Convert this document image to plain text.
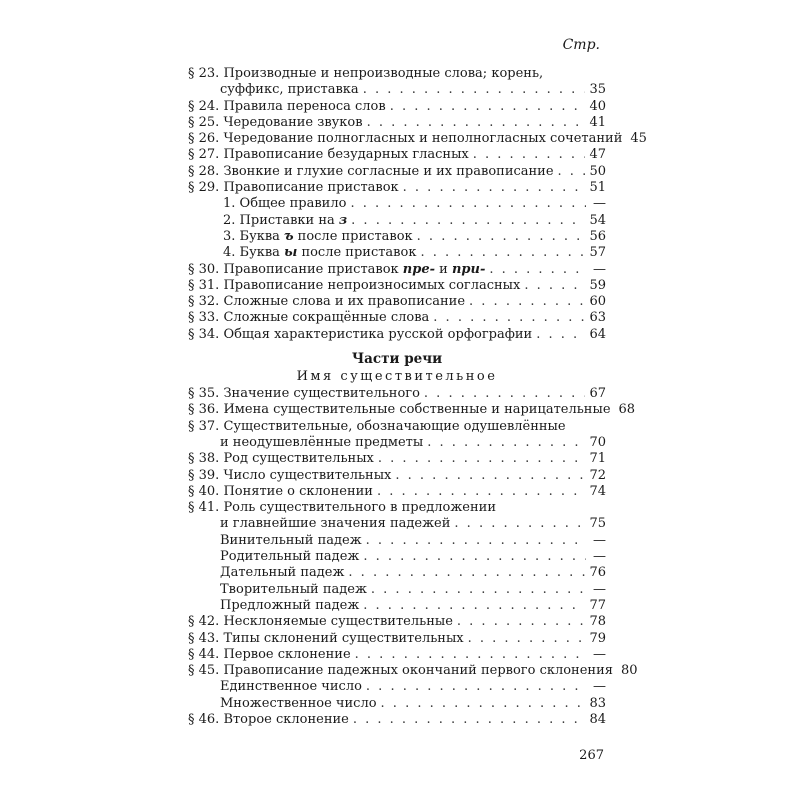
Стр.
§ 23. Производные и непроизводные слова; корень,
суффикс, приставка . . .	35
§ 24. Правила переноса слов . . .	40
§ 25. Чередование звуков . . .	41
§ 26. Чередование полногласных и неполногласных сочетаний 45
§ 27. Правописание безударных гласных . . .	47
§ 28. Звонкие и глухие согласные и их правописание . . .	50
§ 29. Правописание приставок . . .	51
1. Общее правило . . .	—
2. Приставки на з . . .	54
3. Буква ъ после приставок . . .	56
4. Буква ы после приставок . . .	57
§ 30. Правописание приставок пре- и при- . . .	—
§ 31. Правописание непроизносимых согласных . . .	59
§ 32. Сложные слова и их правописание . . .	60
§ 33. Сложные сокращённые слова . . .	63
§ 34. Общая характеристика русской орфографии . . .	64
Части речи
Имя существительное
§ 35. Значение существительного . . .	67
§ 36. Имена существительные собственные и нарицательные 68
§ 37. Существительные, обозначающие одушевлённые
и неодушевлённые предметы . . .	70
§ 38. Род существительных . . .	71
§ 39. Число существительных . . .	72
§ 40. Понятие о склонении . . .	74
§ 41. Роль существительного в предложении
и главнейшие значения падежей . . .	75
Винительный падеж . . .	—
Родительный падеж . . .	—
Дательный падеж . . .	76
Творительный падеж . . .	—
Предложный падеж . . .	77
§ 42. Несклоняемые существительные . . .	78
§ 43. Типы склонений существительных . . .	79
§ 44. Первое склонение . . .	—
§ 45. Правописание падежных окончаний первого склонения 80
Единственное число . . .	—
Множественное число . . .	83
§ 46. Второе склонение . . .	84
267
